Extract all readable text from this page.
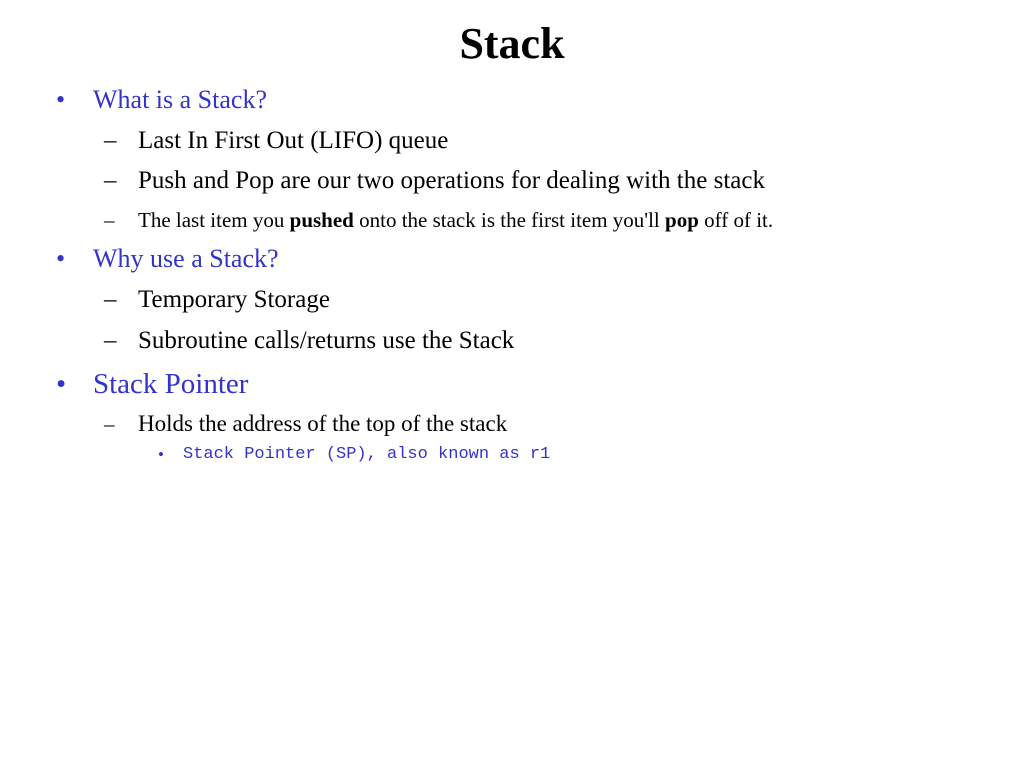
Stack
• What is a Stack?
– Last In First Out (LIFO) queue
– Push and Pop are our two operations for dealing with the stack
– The last item you pushed onto the stack is the first item you'll pop off of it.
• Why use a Stack?
– Temporary Storage
– Subroutine calls/returns use the Stack
• Stack Pointer
– Holds the address of the top of the stack
• Stack Pointer (SP), also known as r1
